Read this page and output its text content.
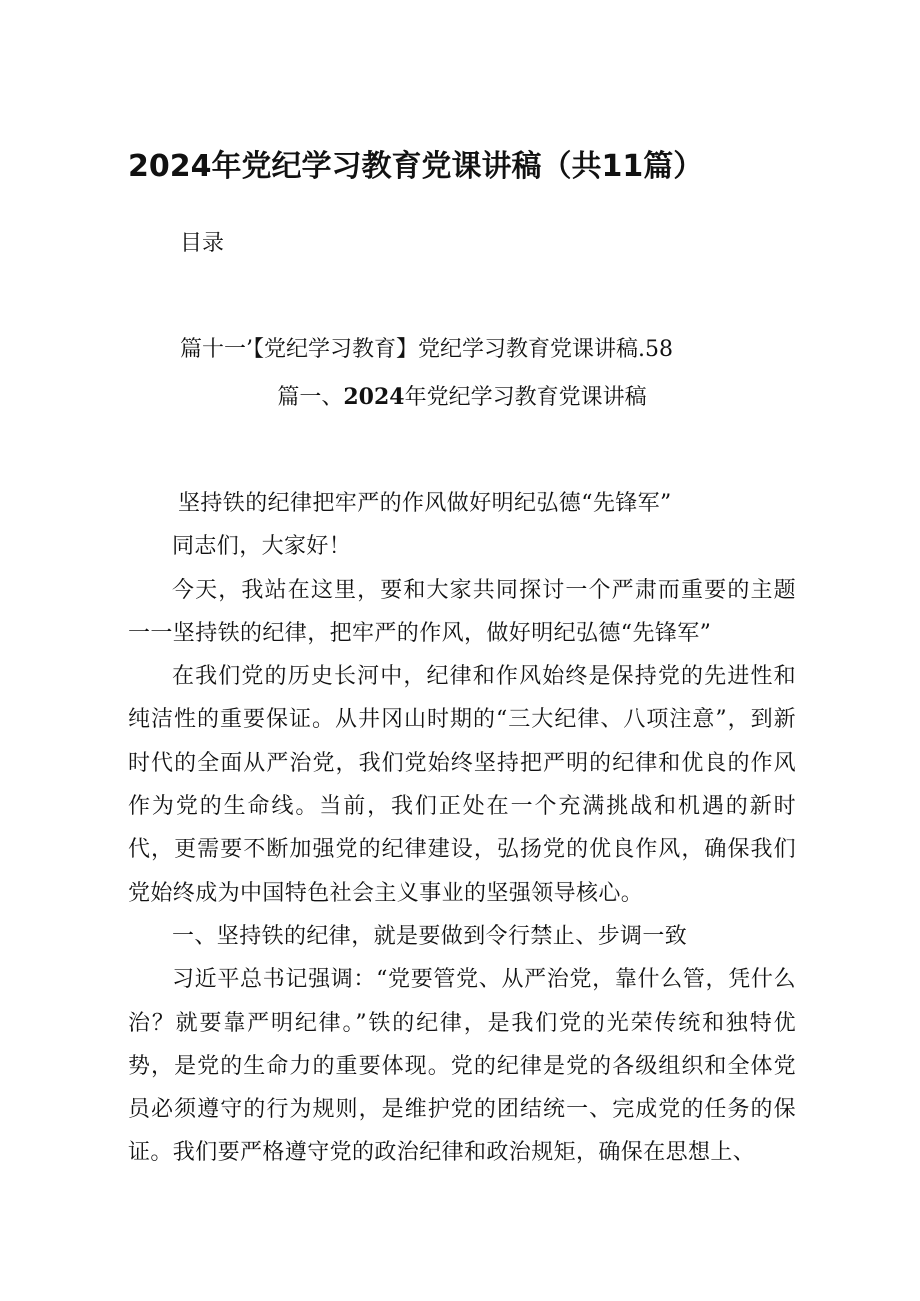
2024年党纪学习教育党课讲稿（共11篇）
目录
篇十一’【党纪学习教育】党纪学习教育党课讲稿.58
篇一、2024年党纪学习教育党课讲稿

坚持铁的纪律把牢严的作风做好明纪弘德“先锋军”

同志们，大家好！

今天，我站在这里，要和大家共同探讨一个严肃而重要的主题一一坚持铁的纪律，把牢严的作风，做好明纪弘德“先锋军”

在我们党的历史长河中，纪律和作风始终是保持党的先进性和纯洁性的重要保证。从井冈山时期的“三大纪律、八项注意”，到新时代的全面从严治党，我们党始终坚持把严明的纪律和优良的作风作为党的生命线。当前，我们正处在一个充满挑战和机遇的新时代，更需要不断加强党的纪律建设，弘扬党的优良作风，确保我们党始终成为中国特色社会主义事业的坚强领导核心。

一、坚持铁的纪律，就是要做到令行禁止、步调一致

习近平总书记强调：“党要管党、从严治党，靠什么管，凭什么治？就要靠严明纪律。”铁的纪律，是我们党的光荣传统和独特优势，是党的生命力的重要体现。党的纪律是党的各级组织和全体党员必须遵守的行为规则，是维护党的团结统一、完成党的任务的保证。我们要严格遵守党的政治纪律和政治规矩，确保在思想上、
